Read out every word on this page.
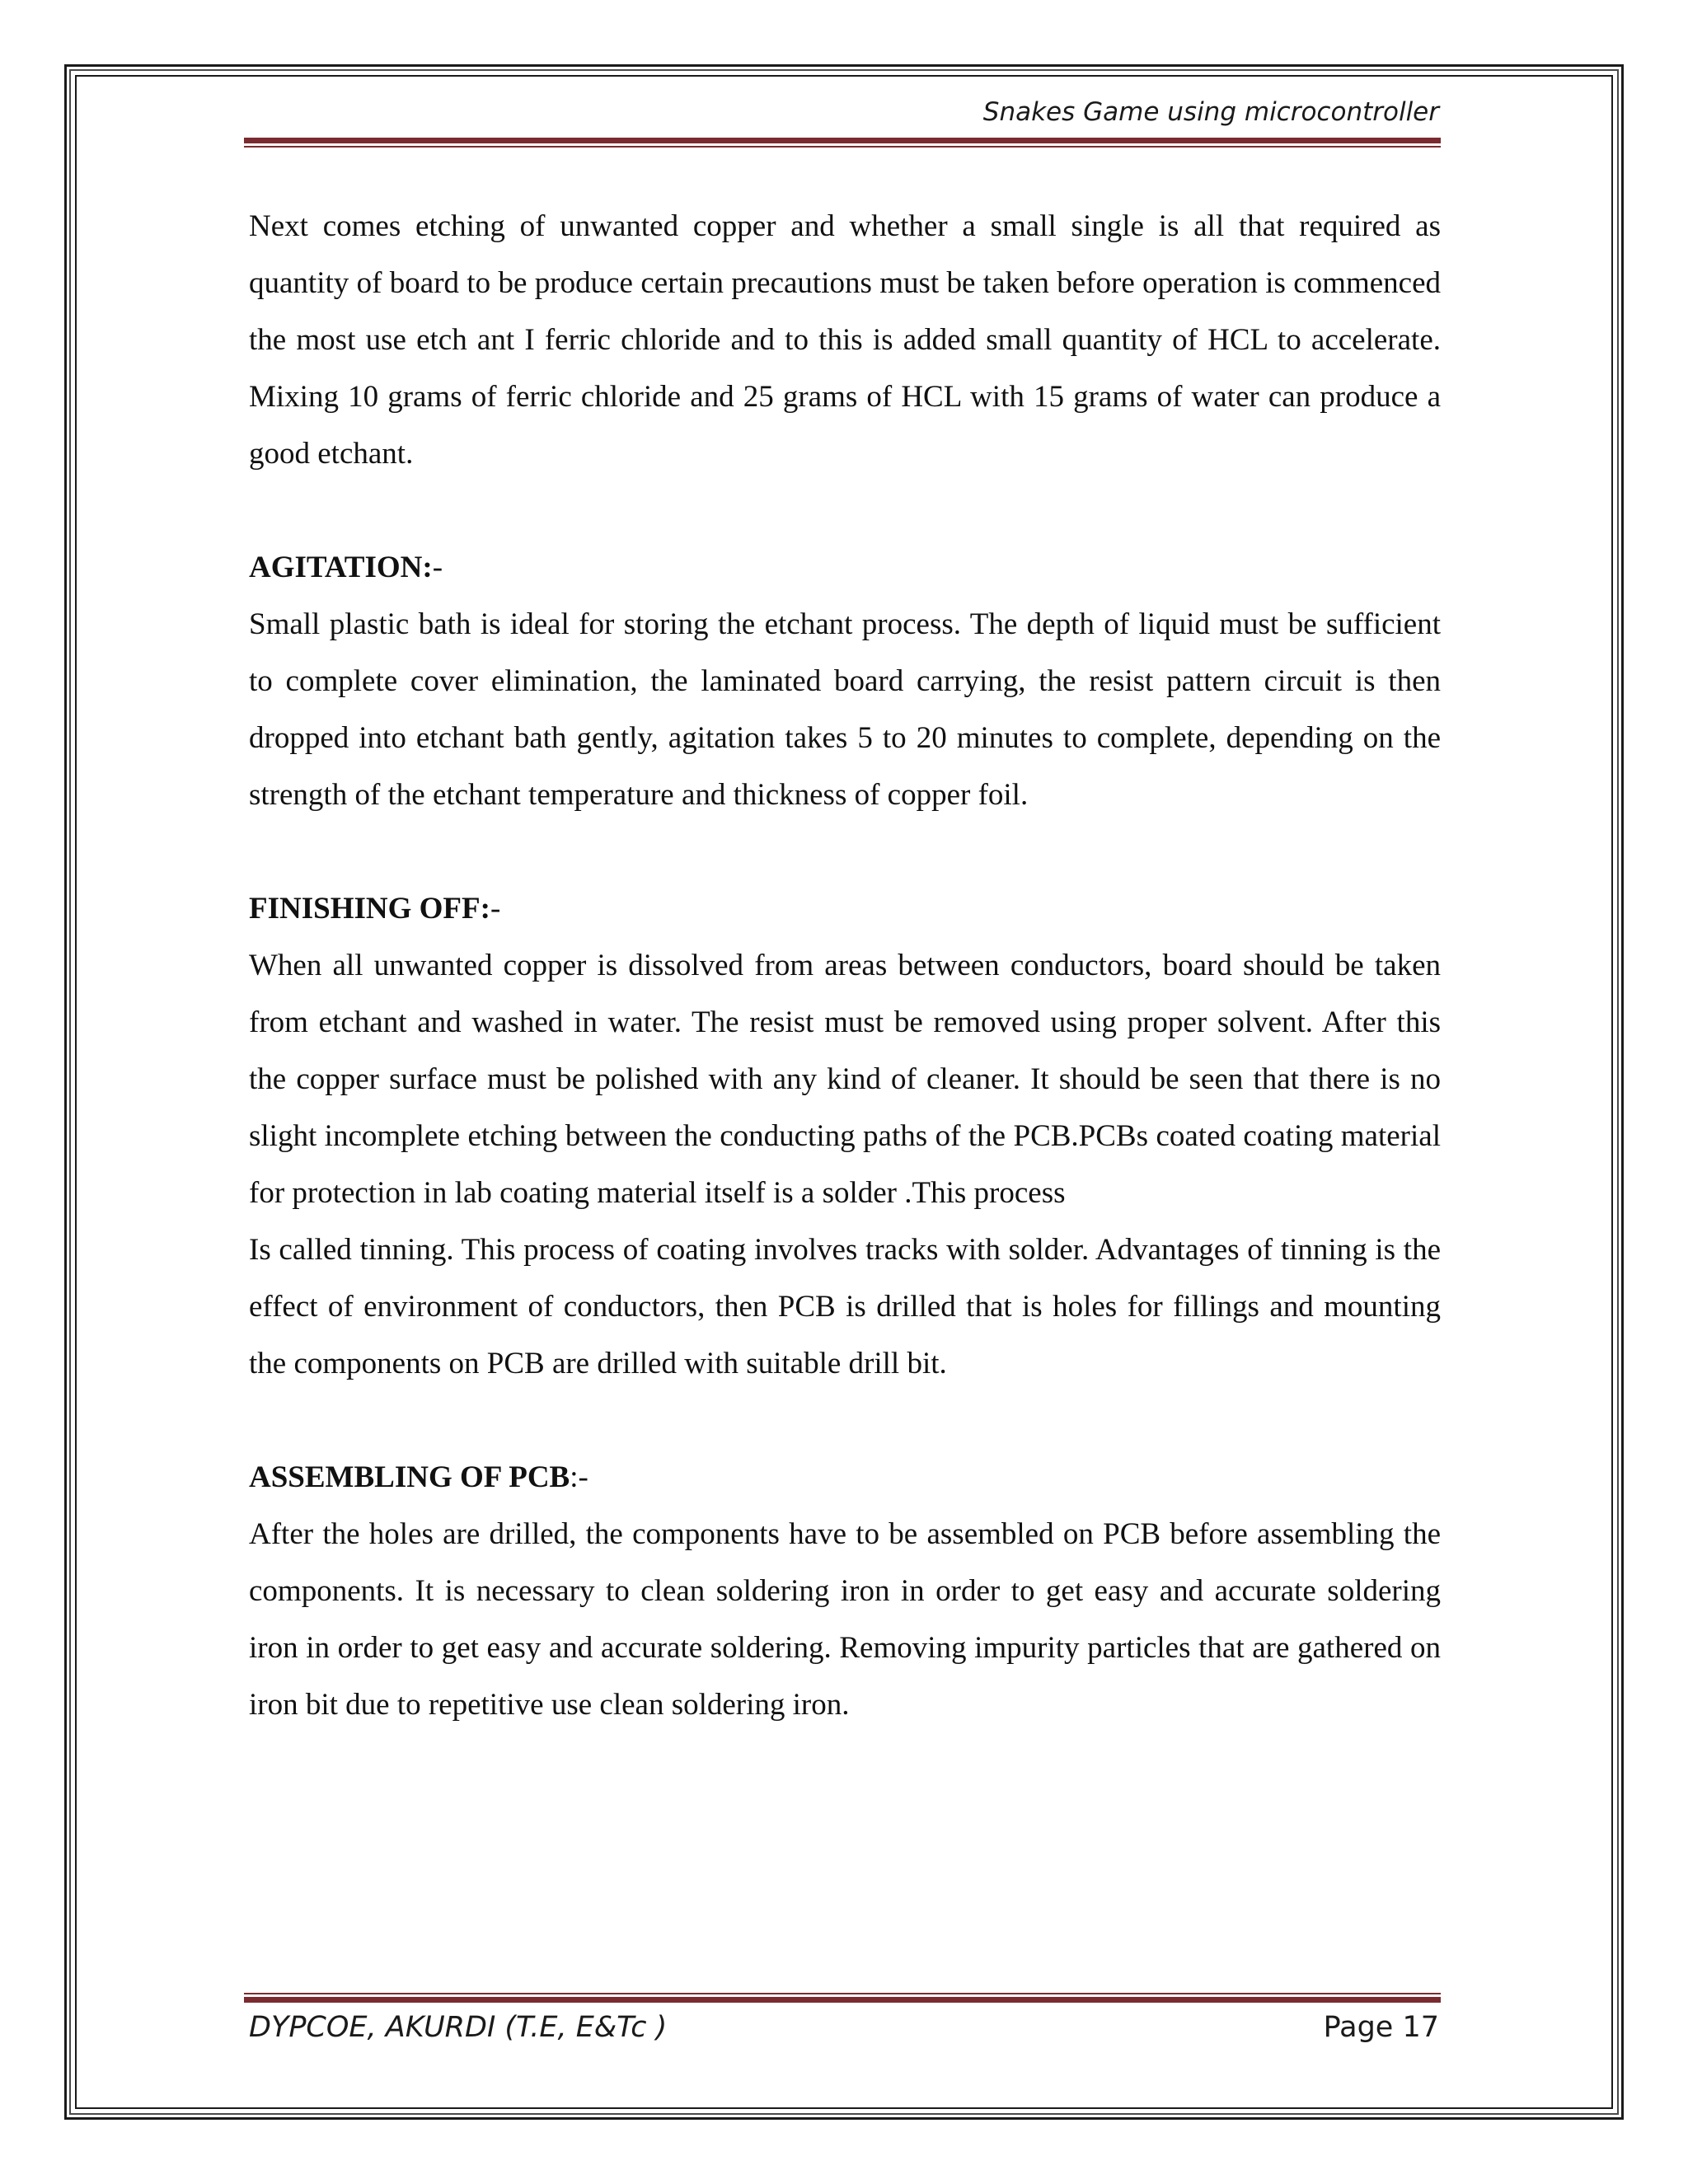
Snakes Game using microcontroller

Next comes etching of unwanted copper and whether a small single is all that required as quantity of board to be produce certain precautions must be taken before operation is commenced the most use etch ant I ferric chloride and to this is added small quantity of HCL to accelerate. Mixing 10 grams of ferric chloride and 25 grams of HCL with 15 grams of water can produce a good etchant.

AGITATION:-

Small plastic bath is ideal for storing the etchant process. The depth of liquid must be sufficient to complete cover elimination, the laminated board carrying, the resist pattern circuit is then dropped into etchant bath gently, agitation takes 5 to 20 minutes to complete, depending on the strength of the etchant temperature and thickness of copper foil.

FINISHING OFF:-

When all unwanted copper is dissolved from areas between conductors, board should be taken from etchant and washed in water. The resist must be removed using proper solvent. After this the copper surface must be polished with any kind of cleaner. It should be seen that there is no slight incomplete etching between the conducting paths of the PCB.PCBs coated coating material for protection in lab coating material itself is a solder .This process

Is called tinning. This process of coating involves tracks with solder. Advantages of tinning is the effect of environment of conductors, then PCB is drilled that is holes for fillings and mounting the components on PCB are drilled with suitable drill bit.

ASSEMBLING OF PCB:-

After the holes are drilled, the components have to be assembled on PCB before assembling the components. It is necessary to clean soldering iron in order to get easy and accurate soldering iron in order to get easy and accurate soldering. Removing impurity particles that are gathered on iron bit due to repetitive use clean soldering iron.

DYPCOE, AKURDI (T.E, E&Tc )	Page 17
